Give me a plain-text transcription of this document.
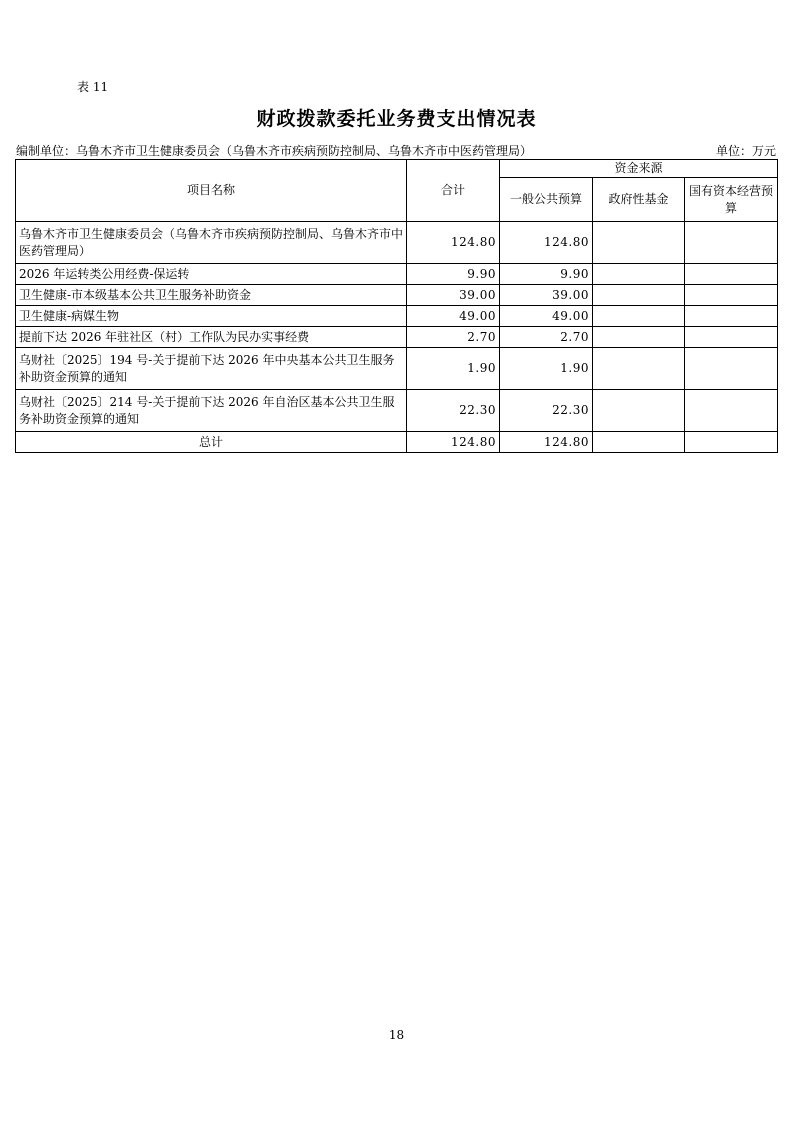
表 11
财政拨款委托业务费支出情况表
编制单位：乌鲁木齐市卫生健康委员会（乌鲁木齐市疾病预防控制局、乌鲁木齐市中医药管理局）	单位：万元
项目名称	合计	资金来源		
		一般公共预算	政府性基金	国有资本经营预算
乌鲁木齐市卫生健康委员会（乌鲁木齐市疾病预防控制局、乌鲁木齐市中医药管理局）	124.80	124.80		
2026 年运转类公用经费-保运转	9.90	9.90		
卫生健康-市本级基本公共卫生服务补助资金	39.00	39.00		
卫生健康-病媒生物	49.00	49.00		
提前下达 2026 年驻社区（村）工作队为民办实事经费	2.70	2.70		
乌财社〔2025〕194 号-关于提前下达 2026 年中央基本公共卫生服务补助资金预算的通知	1.90	1.90		
乌财社〔2025〕214 号-关于提前下达 2026 年自治区基本公共卫生服务补助资金预算的通知	22.30	22.30		
总计	124.80	124.80		
18
